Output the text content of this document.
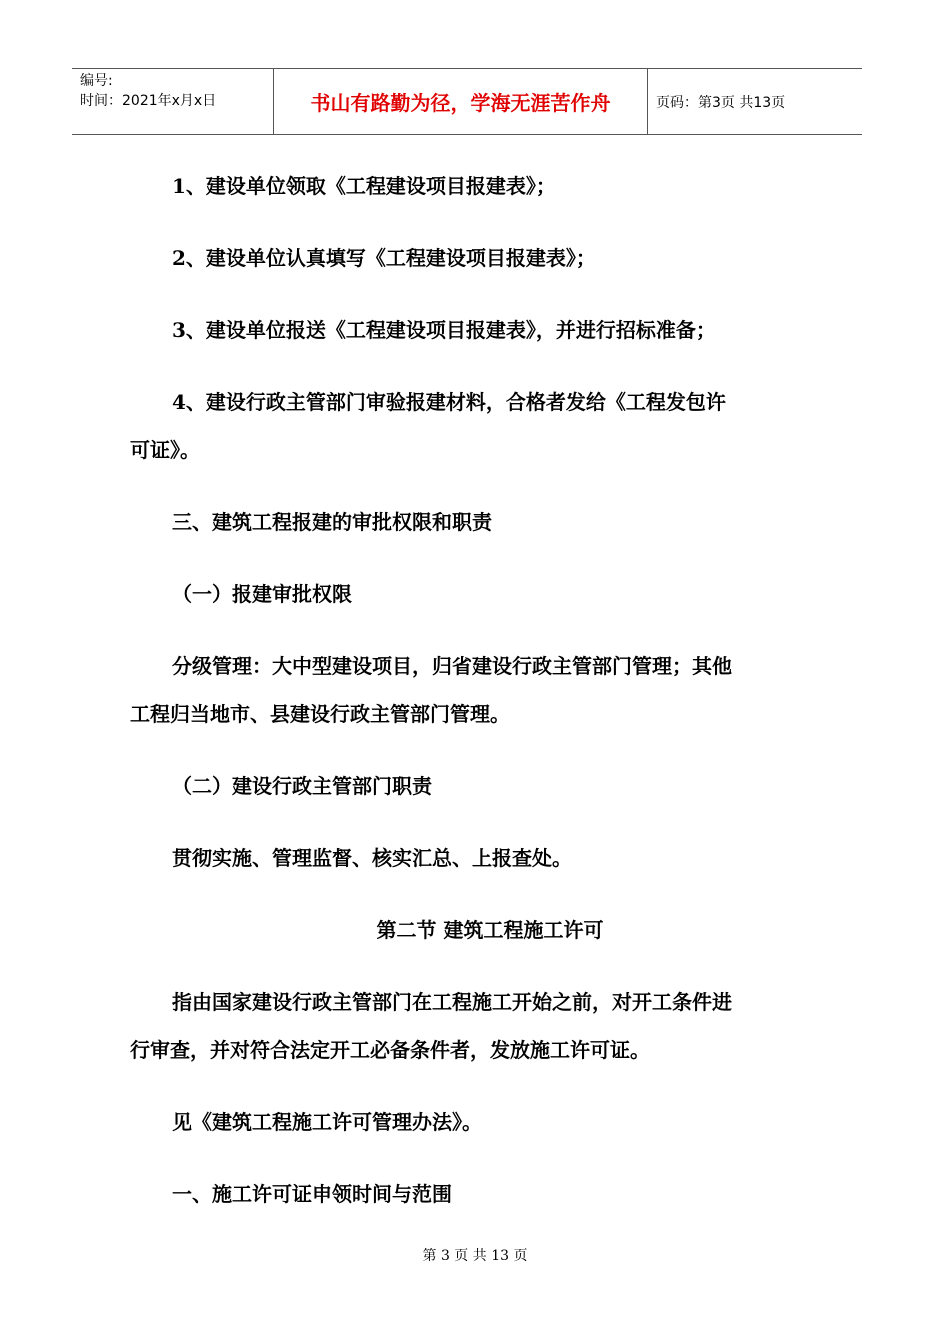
编号:
时间：2021年x月x日	书山有路勤为径，学海无涯苦作舟	页码：第3页 共13页
1、建设单位领取《工程建设项目报建表》；
2、建设单位认真填写《工程建设项目报建表》；
3、建设单位报送《工程建设项目报建表》，并进行招标准备；
4、建设行政主管部门审验报建材料，合格者发给《工程发包许
可证》。
三、建筑工程报建的审批权限和职责
（一）报建审批权限
分级管理：大中型建设项目，归省建设行政主管部门管理；其他
工程归当地市、县建设行政主管部门管理。
（二）建设行政主管部门职责
贯彻实施、管理监督、核实汇总、上报查处。
第二节 建筑工程施工许可
指由国家建设行政主管部门在工程施工开始之前，对开工条件进
行审查，并对符合法定开工必备条件者，发放施工许可证。
见《建筑工程施工许可管理办法》。
一、施工许可证申领时间与范围
第 3 页 共 13 页
